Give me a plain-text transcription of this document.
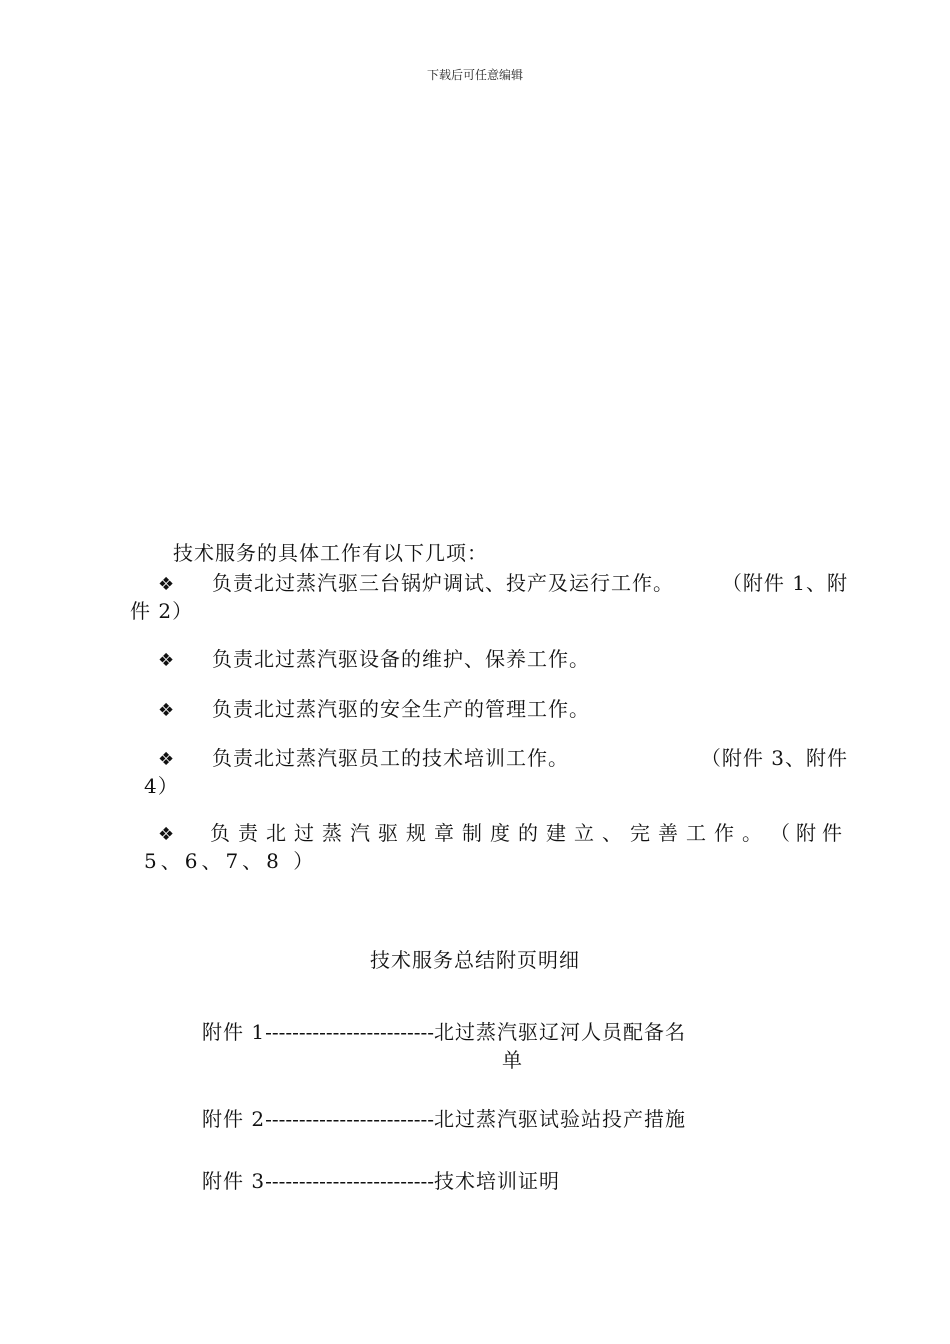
下载后可任意编辑
技术服务的具体工作有以下几项：
❖	负责北过蒸汽驱三台锅炉调试、投产及运行工作。	（附件 1、附
件 2）
❖	负责北过蒸汽驱设备的维护、保养工作。
❖	负责北过蒸汽驱的安全生产的管理工作。
❖	负责北过蒸汽驱员工的技术培训工作。	（附件 3、附件
4）
❖	负责北过蒸汽驱规章制度的建立、完善工作。 （附件
5、6、7、8 ）
技术服务总结附页明细
附件 1-------------------------北过蒸汽驱辽河人员配备名
单
附件 2-------------------------北过蒸汽驱试验站投产措施
附件 3-------------------------技术培训证明
